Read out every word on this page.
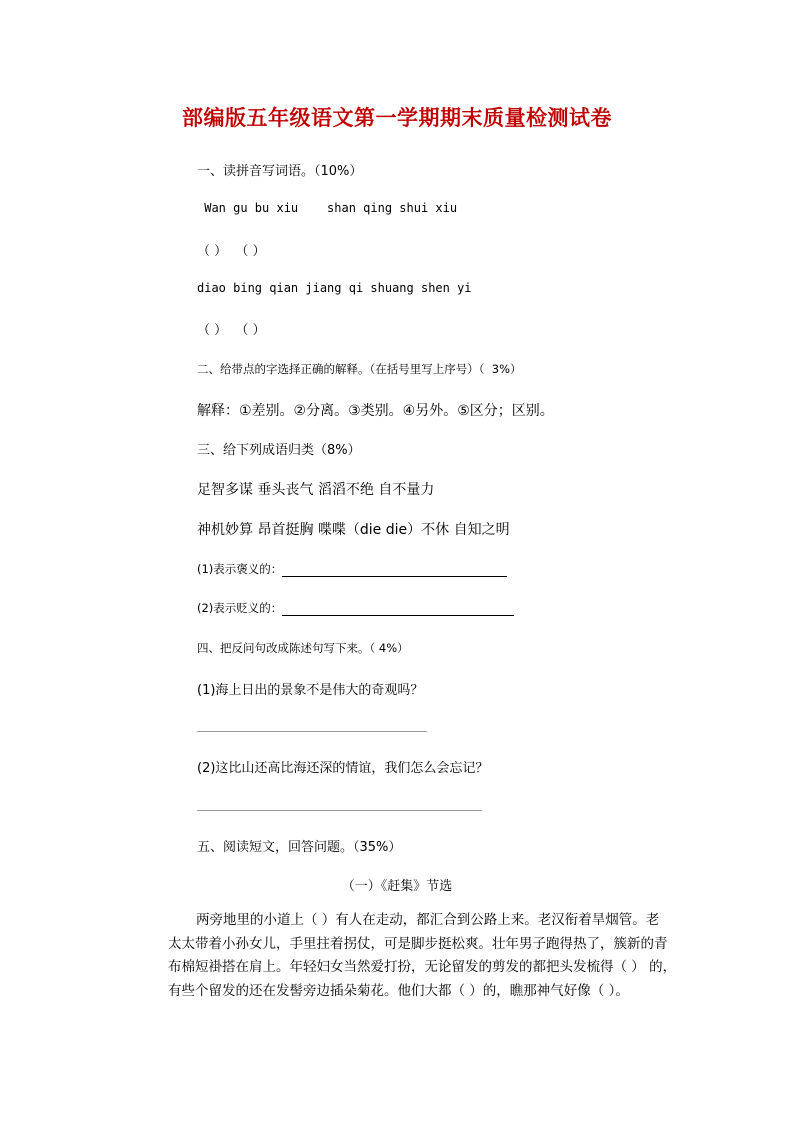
部编版五年级语文第一学期期末质量检测试卷
一、读拼音写词语。（10%）
Wan gu bu xiu    shan qing shui xiu
（ ）  （ ）
diao bing qian jiang qi shuang shen yi
（ ）  （ ）
二、给带点的字选择正确的解释。（在括号里写上序号）（  3%）
解释：①差别。②分离。③类别。④另外。⑤区分；区别。
三、给下列成语归类（8%）
足智多谋 垂头丧气 滔滔不绝 自不量力
神机妙算 昂首挺胸 喋喋（die die）不休 自知之明
(1)表示褒义的：
(2)表示贬义的：
四、把反问句改成陈述句写下来。（ 4%）
(1)海上日出的景象不是伟大的奇观吗？
(2)这比山还高比海还深的情谊，我们怎么会忘记？
五、阅读短文，回答问题。（35%）
（一）《赶集》节选

两旁地里的小道上（ ）有人在走动，都汇合到公路上来。老汉衔着旱烟管。老

太太带着小孙女儿，手里拄着拐仗，可是脚步挺松爽。壮年男子跑得热了，簇新的青

布棉短褂搭在肩上。年轻妇女当然爱打扮，无论留发的剪发的都把头发梳得（ ） 的，

有些个留发的还在发髻旁边插朵菊花。他们大都（ ）的，瞧那神气好像（ ）。
